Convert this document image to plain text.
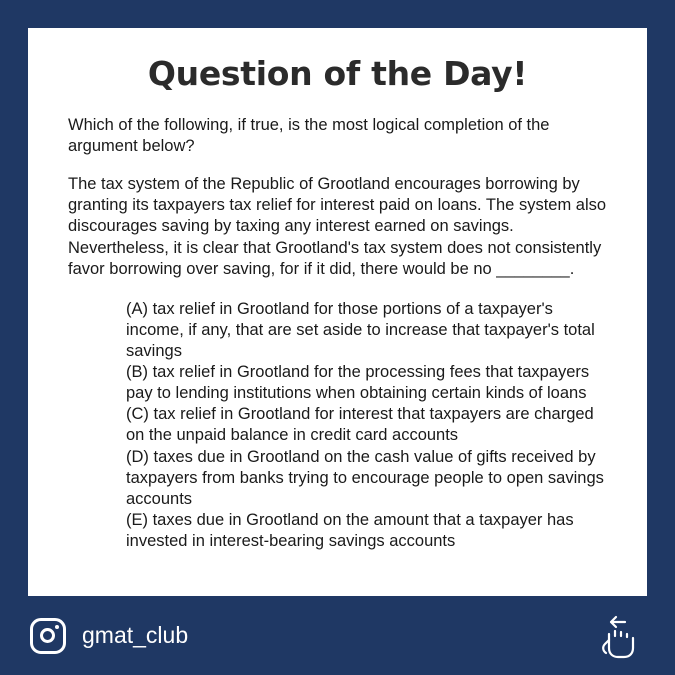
Question of the Day!
Which of the following, if true, is the most logical completion of the argument below?
The tax system of the Republic of Grootland encourages borrowing by granting its taxpayers tax relief for interest paid on loans. The system also discourages saving by taxing any interest earned on savings. Nevertheless, it is clear that Grootland's tax system does not consistently favor borrowing over saving, for if it did, there would be no ________.
(A) tax relief in Grootland for those portions of a taxpayer's income, if any, that are set aside to increase that taxpayer's total savings
(B) tax relief in Grootland for the processing fees that taxpayers pay to lending institutions when obtaining certain kinds of loans
(C) tax relief in Grootland for interest that taxpayers are charged on the unpaid balance in credit card accounts
(D) taxes due in Grootland on the cash value of gifts received by taxpayers from banks trying to encourage people to open savings accounts
(E) taxes due in Grootland on the amount that a taxpayer has invested in interest-bearing savings accounts
gmat_club
